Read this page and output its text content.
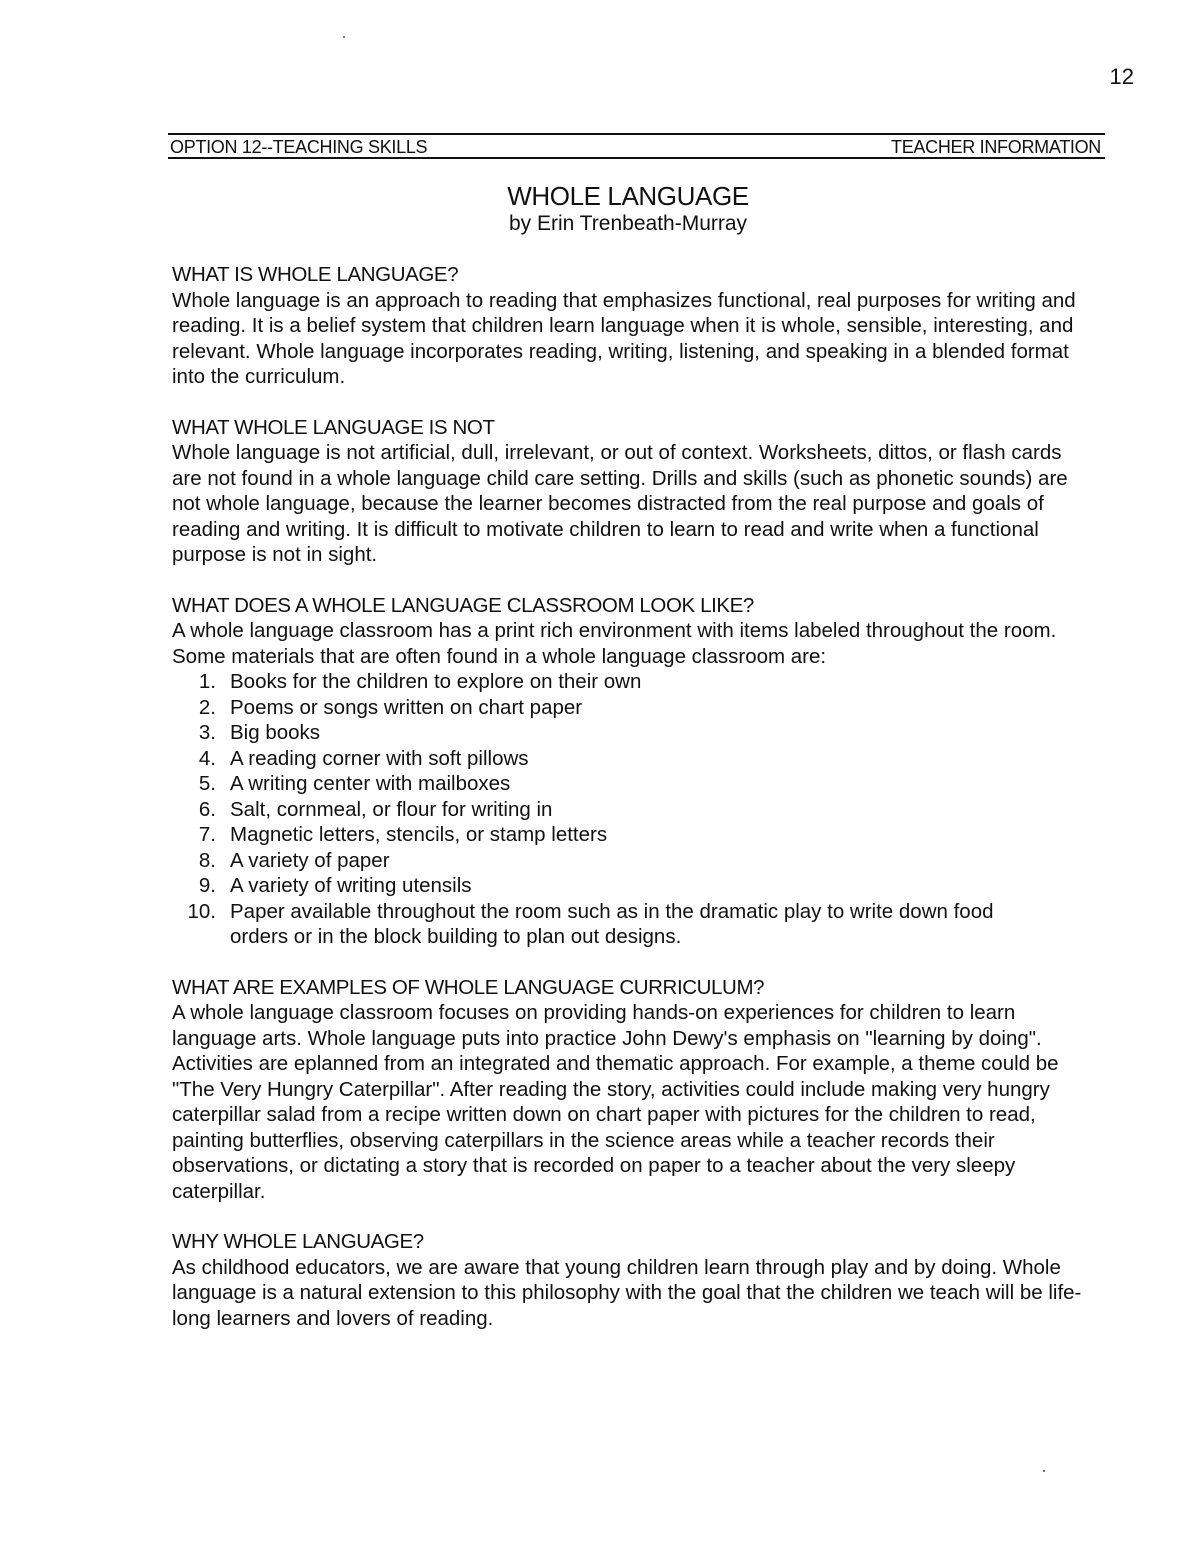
12
OPTION 12--TEACHING SKILLS	TEACHER INFORMATION
WHOLE LANGUAGE
by Erin Trenbeath-Murray
WHAT IS WHOLE LANGUAGE?

Whole language is an approach to reading that emphasizes functional, real purposes for writing and reading. It is a belief system that children learn language when it is whole, sensible, interesting, and relevant. Whole language incorporates reading, writing, listening, and speaking in a blended format into the curriculum.

WHAT WHOLE LANGUAGE IS NOT

Whole language is not artificial, dull, irrelevant, or out of context. Worksheets, dittos, or flash cards are not found in a whole language child care setting. Drills and skills (such as phonetic sounds) are not whole language, because the learner becomes distracted from the real purpose and goals of reading and writing. It is difficult to motivate children to learn to read and write when a functional purpose is not in sight.

WHAT DOES A WHOLE LANGUAGE CLASSROOM LOOK LIKE?

A whole language classroom has a print rich environment with items labeled throughout the room. Some materials that are often found in a whole language classroom are:

1. Books for the children to explore on their own
2. Poems or songs written on chart paper
3. Big books
4. A reading corner with soft pillows
5. A writing center with mailboxes
6. Salt, cornmeal, or flour for writing in
7. Magnetic letters, stencils, or stamp letters
8. A variety of paper
9. A variety of writing utensils
10. Paper available throughout the room such as in the dramatic play to write down food orders or in the block building to plan out designs.
WHAT ARE EXAMPLES OF WHOLE LANGUAGE CURRICULUM?

A whole language classroom focuses on providing hands-on experiences for children to learn language arts. Whole language puts into practice John Dewy's emphasis on "learning by doing". Activities are eplanned from an integrated and thematic approach. For example, a theme could be "The Very Hungry Caterpillar". After reading the story, activities could include making very hungry caterpillar salad from a recipe written down on chart paper with pictures for the children to read, painting butterflies, observing caterpillars in the science areas while a teacher records their observations, or dictating a story that is recorded on paper to a teacher about the very sleepy caterpillar.

WHY WHOLE LANGUAGE?

As childhood educators, we are aware that young children learn through play and by doing. Whole language is a natural extension to this philosophy with the goal that the children we teach will be life-long learners and lovers of reading.
